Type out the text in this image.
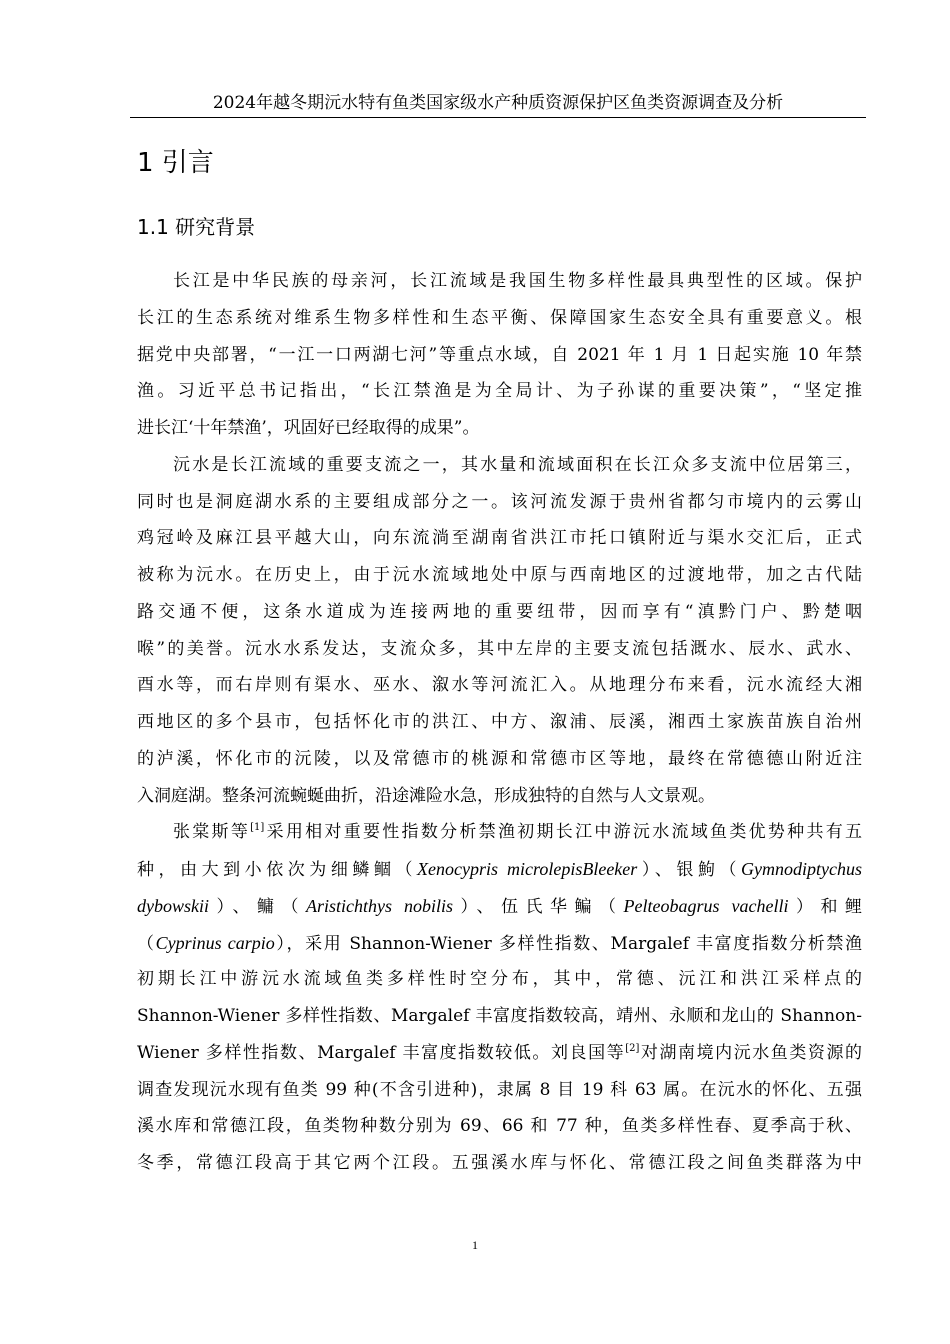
2024年越冬期沅水特有鱼类国家级水产种质资源保护区鱼类资源调查及分析
1 引言
1.1 研究背景
长江是中华民族的母亲河，长江流域是我国生物多样性最具典型性的区域。保护
长江的生态系统对维系生物多样性和生态平衡、保障国家生态安全具有重要意义。根
据党中央部署，“一江一口两湖七河”等重点水域，自 2021 年 1 月 1 日起实施 10 年禁
渔。习近平总书记指出，“长江禁渔是为全局计、为子孙谋的重要决策”，“坚定推
进长江‘十年禁渔’，巩固好已经取得的成果”。
沅水是长江流域的重要支流之一，其水量和流域面积在长江众多支流中位居第三，
同时也是洞庭湖水系的主要组成部分之一。该河流发源于贵州省都匀市境内的云雾山
鸡冠岭及麻江县平越大山，向东流淌至湖南省洪江市托口镇附近与渠水交汇后，正式
被称为沅水。在历史上，由于沅水流域地处中原与西南地区的过渡地带，加之古代陆
路交通不便，这条水道成为连接两地的重要纽带，因而享有“滇黔门户、黔楚咽
喉”的美誉。沅水水系发达，支流众多，其中左岸的主要支流包括溉水、辰水、武水、
酉水等，而右岸则有渠水、巫水、溆水等河流汇入。从地理分布来看，沅水流经大湘
西地区的多个县市，包括怀化市的洪江、中方、溆浦、辰溪，湘西土家族苗族自治州
的泸溪，怀化市的沅陵，以及常德市的桃源和常德市区等地，最终在常德德山附近注
入洞庭湖。整条河流蜿蜒曲折，沿途滩险水急，形成独特的自然与人文景观。
张棠斯等[1]采用相对重要性指数分析禁渔初期长江中游沅水流域鱼类优势种共有五
种，由大到小依次为细鳞鲴（Xenocypris microlepisBleeker）、银鮈（Gymnodiptychus
dybowskii）、鳙（Aristichthys nobilis）、伍氏华鳊（Pelteobagrus vachelli）和鲤
（Cyprinus carpio），采用 Shannon-Wiener 多样性指数、Margalef 丰富度指数分析禁渔
初期长江中游沅水流域鱼类多样性时空分布，其中，常德、沅江和洪江采样点的
Shannon-Wiener 多样性指数、Margalef 丰富度指数较高，靖州、永顺和龙山的 Shannon-
Wiener 多样性指数、Margalef 丰富度指数较低。刘良国等[2]对湖南境内沅水鱼类资源的
调查发现沅水现有鱼类 99 种(不含引进种)，隶属 8 目 19 科 63 属。在沅水的怀化、五强
溪水库和常德江段，鱼类物种数分别为 69、66 和 77 种，鱼类多样性春、夏季高于秋、
冬季，常德江段高于其它两个江段。五强溪水库与怀化、常德江段之间鱼类群落为中
1
